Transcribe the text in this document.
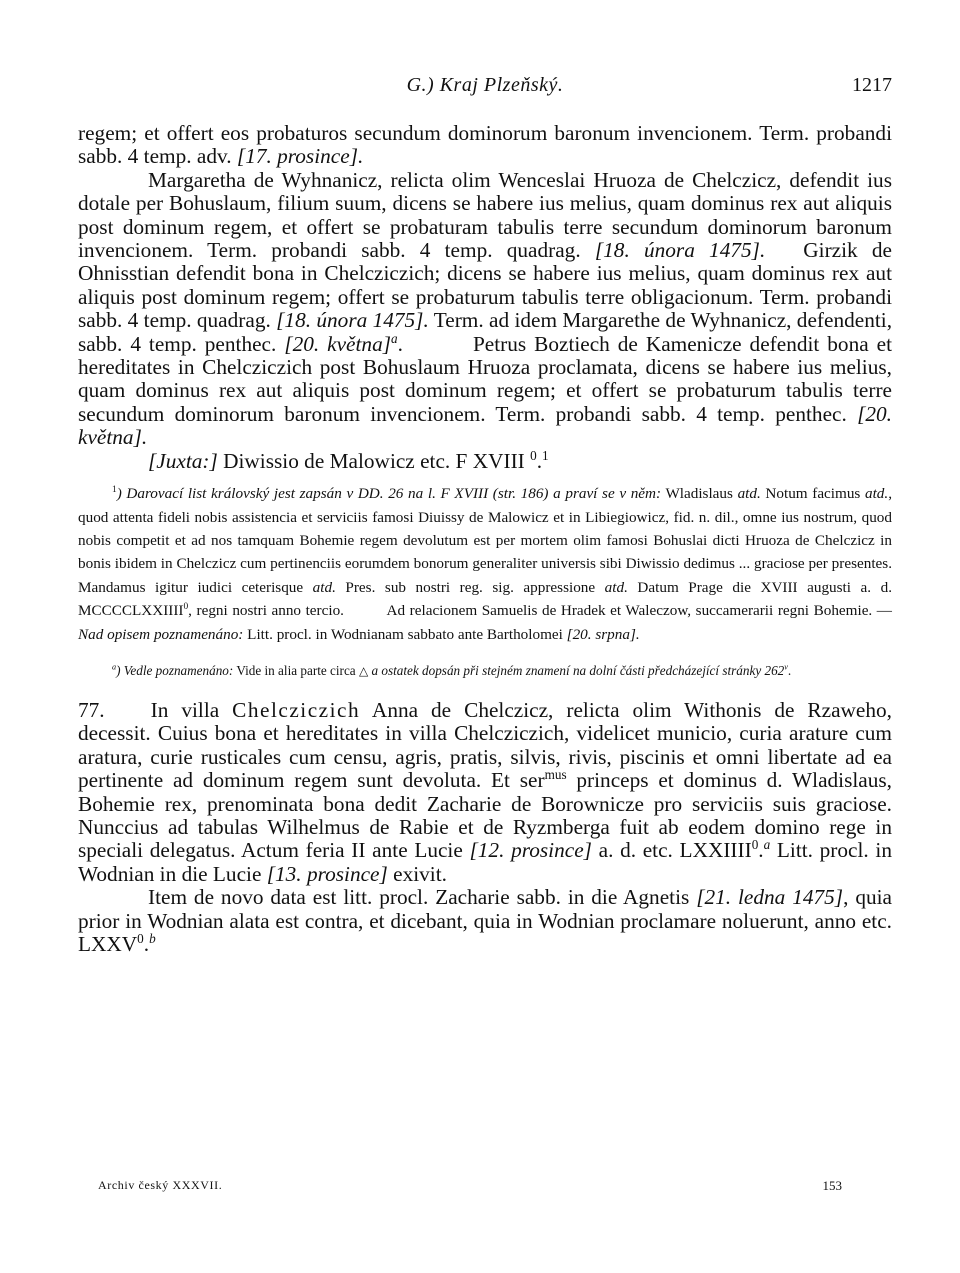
G.) Kraj Plzeňský.	1217

regem; et offert eos probaturos secundum dominorum baronum invencionem. Term. probandi sabb. 4 temp. adv. [17. prosince].

Margaretha de Wyhnanicz, relicta olim Wenceslai Hruoza de Chelczicz, defendit ius dotale per Bohuslaum, filium suum, dicens se habere ius melius, quam dominus rex aut aliquis post dominum regem, et offert se probaturam tabulis terre secundum dominorum baronum invencionem. Term. probandi sabb. 4 temp. quadrag. [18. února 1475]. Girzik de Ohnisstian defendit bona in Chelcziczich; dicens se habere ius melius, quam dominus rex aut aliquis post dominum regem; offert se probaturum tabulis terre obligacionum. Term. probandi sabb. 4 temp. quadrag. [18. února 1475]. Term. ad idem Margarethe de Wyhnanicz, defendenti, sabb. 4 temp. penthec. [20. května]$^a$.	Petrus Boztiech de Kamenicze defendit bona et hereditates in Chelcziczich post Bohuslaum Hruoza proclamata, dicens se habere ius melius, quam dominus rex aut aliquis post dominum regem; et offert se probaturum tabulis terre secundum dominorum baronum invencionem. Term. probandi sabb. 4 temp. penthec. [20. května].

[Juxta:] Diwissio de Malowicz etc. F XVIII $^0$.$^1$

$^1$) Darovací list královský jest zapsán v DD. 26 na l. F XVIII (str. 186) a praví se v něm: Wladislaus atd. Notum facimus atd., quod attenta fideli nobis assistencia et serviciis famosi Diuissy de Malowicz et in Libiegiowicz, fid. n. dil., omne ius nostrum, quod nobis competit et ad nos tamquam Bohemie regem devolutum est per mortem olim famosi Bohuslai dicti Hruoza de Chelczicz in bonis ibidem in Chelczicz cum pertinenciis eorumdem bonorum generaliter universis sibi Diwissio dedimus ... graciose per presentes. Mandamus igitur iudici ceterisque atd. Pres. sub nostri reg. sig. appressione atd. Datum Prage die XVIII augusti a. d. MCCCCLXXIIII$^0$, regni nostri anno tercio.	Ad relacionem Samuelis de Hradek et Waleczow, succamerarii regni Bohemie. — Nad opisem poznamenáno: Litt. procl. in Wodnianam sabbato ante Bartholomei [20. srpna].

$^a$) Vedle poznamenáno: Vide in alia parte circa △ a ostatek dopsán při stejném znamení na dolní části předcházející stránky 262$^v$.

77. In villa Chelcziczich Anna de Chelczicz, relicta olim Withonis de Rzaweho, decessit. Cuius bona et hereditates in villa Chelcziczich, videlicet municio, curia arature cum aratura, curie rusticales cum censu, agris, pratis, silvis, rivis, piscinis et omni libertate ad ea pertinente ad dominum regem sunt devoluta. Et ser$^{mus}$ princeps et dominus d. Wladislaus, Bohemie rex, prenominata bona dedit Zacharie de Borownicze pro serviciis suis graciose. Nunccius ad tabulas Wilhelmus de Rabie et de Ryzmberga fuit ab eodem domino rege in speciali delegatus. Actum feria II ante Lucie [12. prosince] a. d. etc. LXXIIII$^0$.$^a$ Litt. procl. in Wodnian in die Lucie [13. prosince] exivit.

Item de novo data est litt. procl. Zacharie sabb. in die Agnetis [21. ledna 1475], quia prior in Wodnian alata est contra, et dicebant, quia in Wodnian proclamare noluerunt, anno etc. LXXV$^0$.$^b$

Archiv český XXXVII.	153
